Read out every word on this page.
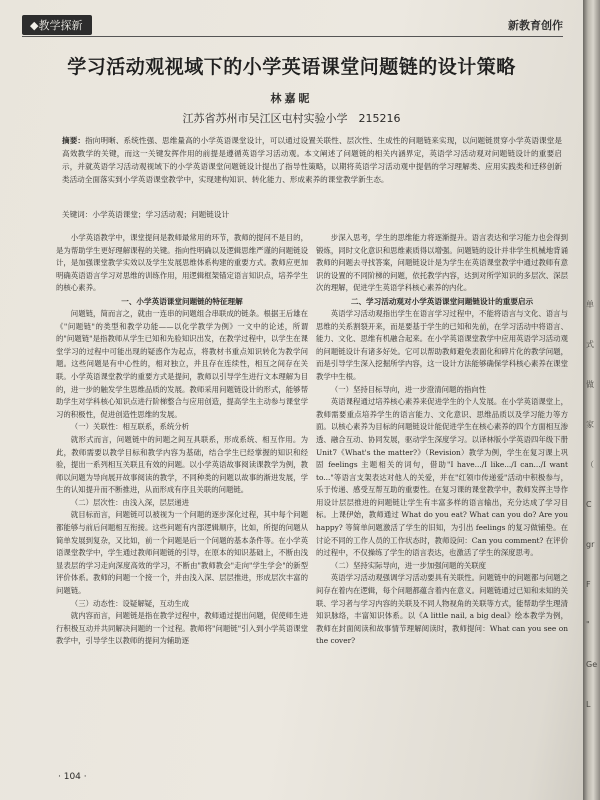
◆教学探新	新教育创作
学习活动观视域下的小学英语课堂问题链的设计策略
林嘉昵
江苏省苏州市吴江区屯村实验小学　215216

摘要：指向明晰、系统性强、思维量高的小学英语课堂设计，可以通过设置关联性、层次性、生成性的问题链来实现，以问题链贯穿小学英语课堂是高效教学的关键，而这一关键发挥作用的前提是遵循英语学习活动观。本文阐述了问题链的相关内涵界定，英语学习活动观对问题链设计的重要启示，并就英语学习活动观视域下的小学英语课堂问题链设计提出了指导性策略，以期将英语学习活动观中提倡的学习理解类、应用实践类和迁移创新类活动全面落实到小学英语课堂教学中，实现建构知识、转化能力、形成素养的课堂教学新生态。

关键词：小学英语课堂；学习活动观；问题链设计

小学英语教学中，课堂提问是教师最常用的环节，教师的提问不是目的，是为帮助学生更好理解课程的关键。指向性明确以及逻辑思维严谨的问题链设计，是加强课堂教学实效以及学生发展思维体系构建的重要方式。教师应更加明确英语语言学习对思维的训练作用，用逻辑框架锚定语言知识点，培养学生的核心素养。

一、小学英语课堂问题链的特征理解

问题链，简而言之，就由一连串的问题组合串联成的链条。根据王后雄在《"问题链"的类型和教学功能——以化学教学为例》一文中的论述，所谓的"问题链"是指教师从学生已知和先验知识出发，在教学过程中，以学生在课堂学习的过程中可能出现的疑惑作为起点，将教材书重点知识转化为教学问题。这些问题是有中心性的，相对独立，并且存在连续性，相互之间存在关联。小学英语课堂教学的重要方式是提问，教师以引导学生进行文本理解为目的，进一步的触发学生思维品质的发展。教师采用问题链设计的形式，能够帮助学生对学科核心知识点进行阶梯整合与应用创造，提高学生主动参与课堂学习的积极性，促进创造性思维的发展。

（一）关联性：相互联系，系统分析

就形式而言，问题链中的问题之间互具联系，形成系统、相互作用。为此，教师需要以教学目标和教学内容为基础，结合学生已经掌握的知识和经验，提出一系列相互关联且有效的问题。以小学英语故事阅读课教学为例，教师以问题为导向展开故事阅读的教学，不同种类的问题以故事的渐进发展，学生的认知提升而不断推进，从而形成有序且关联的问题链。

（二）层次性：由浅入深，层层递进

就目标而言，问题链可以被视为一个问题的逐步深化过程，其中每个问题都能够与前后问题相互衔接。这些问题有内部逻辑顺序，比如，所提的问题从简单发展到复杂，又比如，前一个问题是后一个问题的基本条件等。在小学英语课堂教学中，学生通过教师问题链的引导，在原本的知识基础上，不断由浅显表层的学习走向深度高效的学习，不断由"教师教会"走向"学生学会"的新型评价体系。教师的问题一个接一个，并由浅入深、层层推进，形成层次丰富的问题链。

（三）动态性：设疑解疑，互动生成

就内容而言，问题链是指在教学过程中，教师通过提出问题，促使师生进行积极互动并共同解决问题的一个过程。教师将"问题链"引入到小学英语课堂教学中，引导学生以教师的提问为辅助逐

步深入思考，学生的思维能力将逐渐提升。语言表达和学习能力也会得到锻炼，同时文化意识和思维素质得以增强。问题链的设计并非学生机械地背诵教师的问题去寻找答案，问题链设计是为学生在英语课堂教学中通过教师有意识的设置的不同阶梯的问题，依托教学内容，达到对所学知识的多层次、深层次的理解，促进学生英语学科核心素养的内化。

二、学习活动观对小学英语课堂问题链设计的重要启示

英语学习活动观指出学生在语言学习过程中，不能将语言与文化、语言与思维的关系割裂开来，而是要基于学生的已知和先前，在学习活动中将语言、能力、文化、思维有机融合起来。在小学英语课堂教学中应用英语学习活动观的问题链设计有诸多好处。它可以帮助教师避免表面化和碎片化的教学问题，而是引导学生深入挖掘所学内容，这一设计方法能够确保学科核心素养在课堂教学中生根。

（一）坚持目标导向，进一步澄清问题的指向性

英语课程通过培养核心素养来促进学生的个人发展。在小学英语课堂上，教师需要重点培养学生的语言能力、文化意识、思维品质以及学习能力等方面。以核心素养为目标的问题链设计能促进学生在核心素养的四个方面相互渗透、融合互动、协同发展，驱动学生深度学习。以译林版小学英语四年级下册 Unit7《What's the matter?》（Revision）教学为例，学生在复习课上巩固 feelings 主题相关的词句，借助"I have.../I like.../I can.../I want to..."等语言支架表达对他人的关爱，并在"红领巾传递爱"活动中积极参与，乐于传递、感受互帮互助的重要性。在复习课的课堂教学中，教师发挥主导作用设计层层推进的问题链让学生有丰富多样的语言输出，充分达成了学习目标。上课伊始，教师通过 What do you eat? What can you do? Are you happy? 等简单问题激活了学生的旧知，为引出 feelings 的复习做铺垫。在讨论不同的工作人员的工作状态时，教师设问：Can you comment? 在评价的过程中，不仅操练了学生的语言表达，也激活了学生的深度思考。

（二）坚持实际导向，进一步加强问题的关联度

英语学习活动观强调学习活动要具有关联性。问题链中的问题都与问题之间存在着内在逻辑，每个问题都蕴含着内在意义。问题链通过已知和未知的关联、学习者与学习内容的关联及不同人物视角的关联等方式，能帮助学生理清知识脉络，丰富知识体系。以《A little nail, a big deal》绘本教学为例，教师在封面阅读和故事情节理解阅读时，教师提问：What can you see on the cover?

· 104 ·
单
式
做
家
（
C
gr
F
"
Ge
L
